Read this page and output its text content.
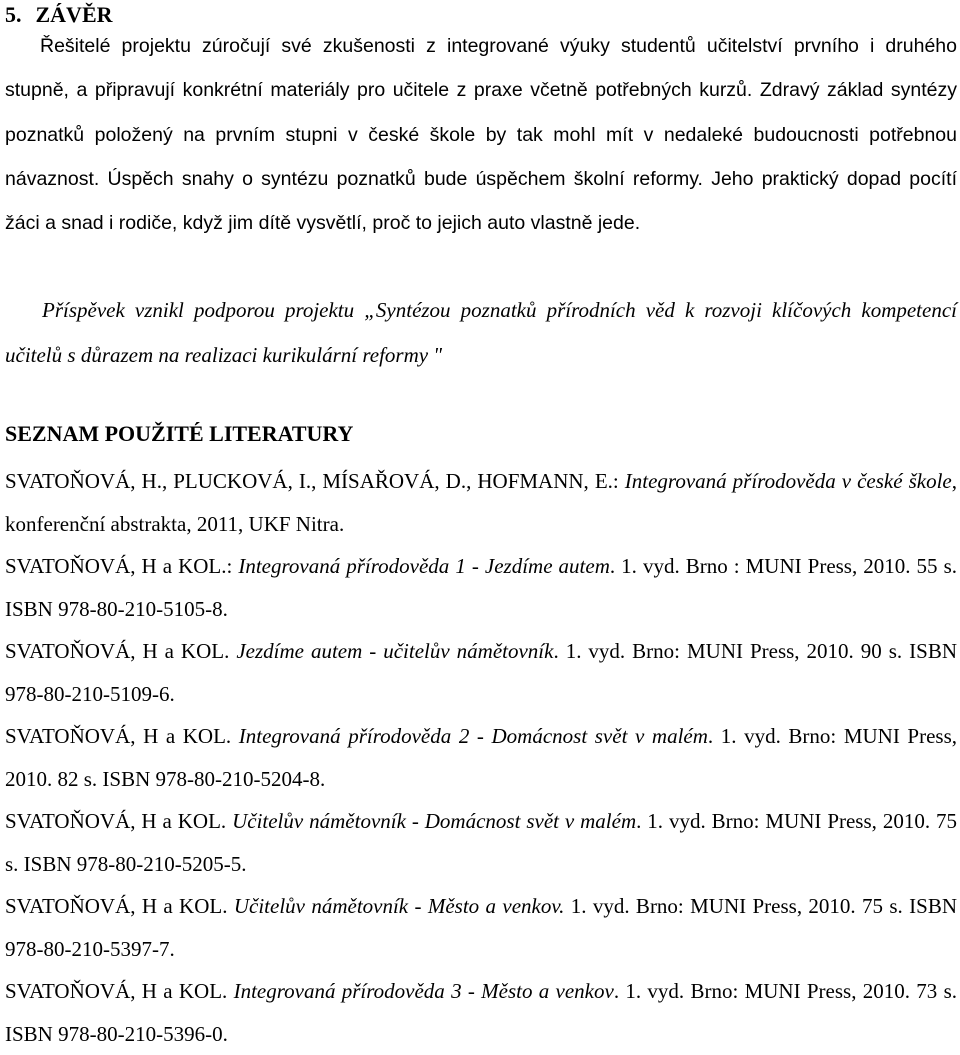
5. ZÁVĚR

Řešitelé projektu zúročují své zkušenosti z integrované výuky studentů učitelství prvního i druhého stupně, a připravují konkrétní materiály pro učitele z praxe včetně potřebných kurzů. Zdravý základ syntézy poznatků položený na prvním stupni v české škole by tak mohl mít v nedaleké budoucnosti potřebnou návaznost. Úspěch snahy o syntézu poznatků bude úspěchem školní reformy. Jeho praktický dopad pocítí žáci a snad i rodiče, když jim dítě vysvětlí, proč to jejich auto vlastně jede.

Příspěvek vznikl podporou projektu „Syntézou poznatků přírodních věd k rozvoji klíčových kompetencí učitelů s důrazem na realizaci kurikulární reformy "

SEZNAM POUŽITÉ LITERATURY

SVATOŇOVÁ, H., PLUCKOVÁ, I., MÍSAŘOVÁ, D., HOFMANN, E.: Integrovaná přírodověda v české škole, konferenční abstrakta, 2011, UKF Nitra.

SVATOŇOVÁ, H a KOL.: Integrovaná přírodověda 1 - Jezdíme autem. 1. vyd. Brno : MUNI Press, 2010. 55 s. ISBN 978-80-210-5105-8.

SVATOŇOVÁ, H a KOL. Jezdíme autem - učitelův námětovník. 1. vyd. Brno: MUNI Press, 2010. 90 s. ISBN 978-80-210-5109-6.

SVATOŇOVÁ, H a KOL. Integrovaná přírodověda 2 - Domácnost svět v malém. 1. vyd. Brno: MUNI Press, 2010. 82 s. ISBN 978-80-210-5204-8.

SVATOŇOVÁ, H a KOL. Učitelův námětovník - Domácnost svět v malém. 1. vyd. Brno: MUNI Press, 2010. 75 s. ISBN 978-80-210-5205-5.

SVATOŇOVÁ, H a KOL. Učitelův námětovník - Město a venkov. 1. vyd. Brno: MUNI Press, 2010. 75 s. ISBN 978-80-210-5397-7.

SVATOŇOVÁ, H a KOL. Integrovaná přírodověda 3 - Město a venkov. 1. vyd. Brno: MUNI Press, 2010. 73 s. ISBN 978-80-210-5396-0.
